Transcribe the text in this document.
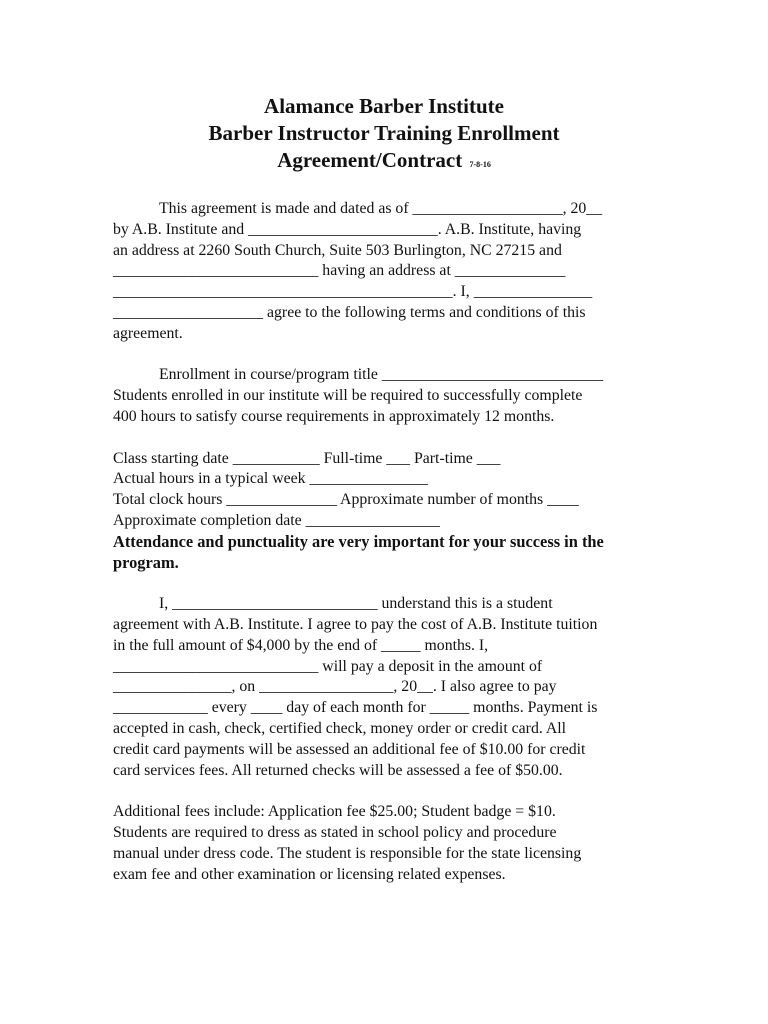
Alamance Barber Institute
Barber Instructor Training Enrollment
Agreement/Contract 7-8-16
This agreement is made and dated as of ___________________, 20__
by A.B. Institute and ________________________. A.B. Institute, having
an address at 2260 South Church, Suite 503 Burlington, NC 27215 and
__________________________ having an address at ______________
___________________________________________. I, _______________
___________________ agree to the following terms and conditions of this
agreement.
Enrollment in course/program title ____________________________
Students enrolled in our institute will be required to successfully complete
400 hours to satisfy course requirements in approximately 12 months.
Class starting date ___________ Full-time ___ Part-time ___
Actual hours in a typical week _______________
Total clock hours ______________ Approximate number of months ____
Approximate completion date _________________
Attendance and punctuality are very important for your success in the
program.
I, __________________________ understand this is a student
agreement with A.B. Institute. I agree to pay the cost of A.B. Institute tuition
in the full amount of $4,000 by the end of _____ months. I,
__________________________ will pay a deposit in the amount of
_______________, on _________________, 20__. I also agree to pay
____________ every ____ day of each month for _____ months. Payment is
accepted in cash, check, certified check, money order or credit card. All
credit card payments will be assessed an additional fee of $10.00 for credit
card services fees. All returned checks will be assessed a fee of $50.00.
Additional fees include: Application fee $25.00; Student badge = $10.
Students are required to dress as stated in school policy and procedure
manual under dress code. The student is responsible for the state licensing
exam fee and other examination or licensing related expenses.
